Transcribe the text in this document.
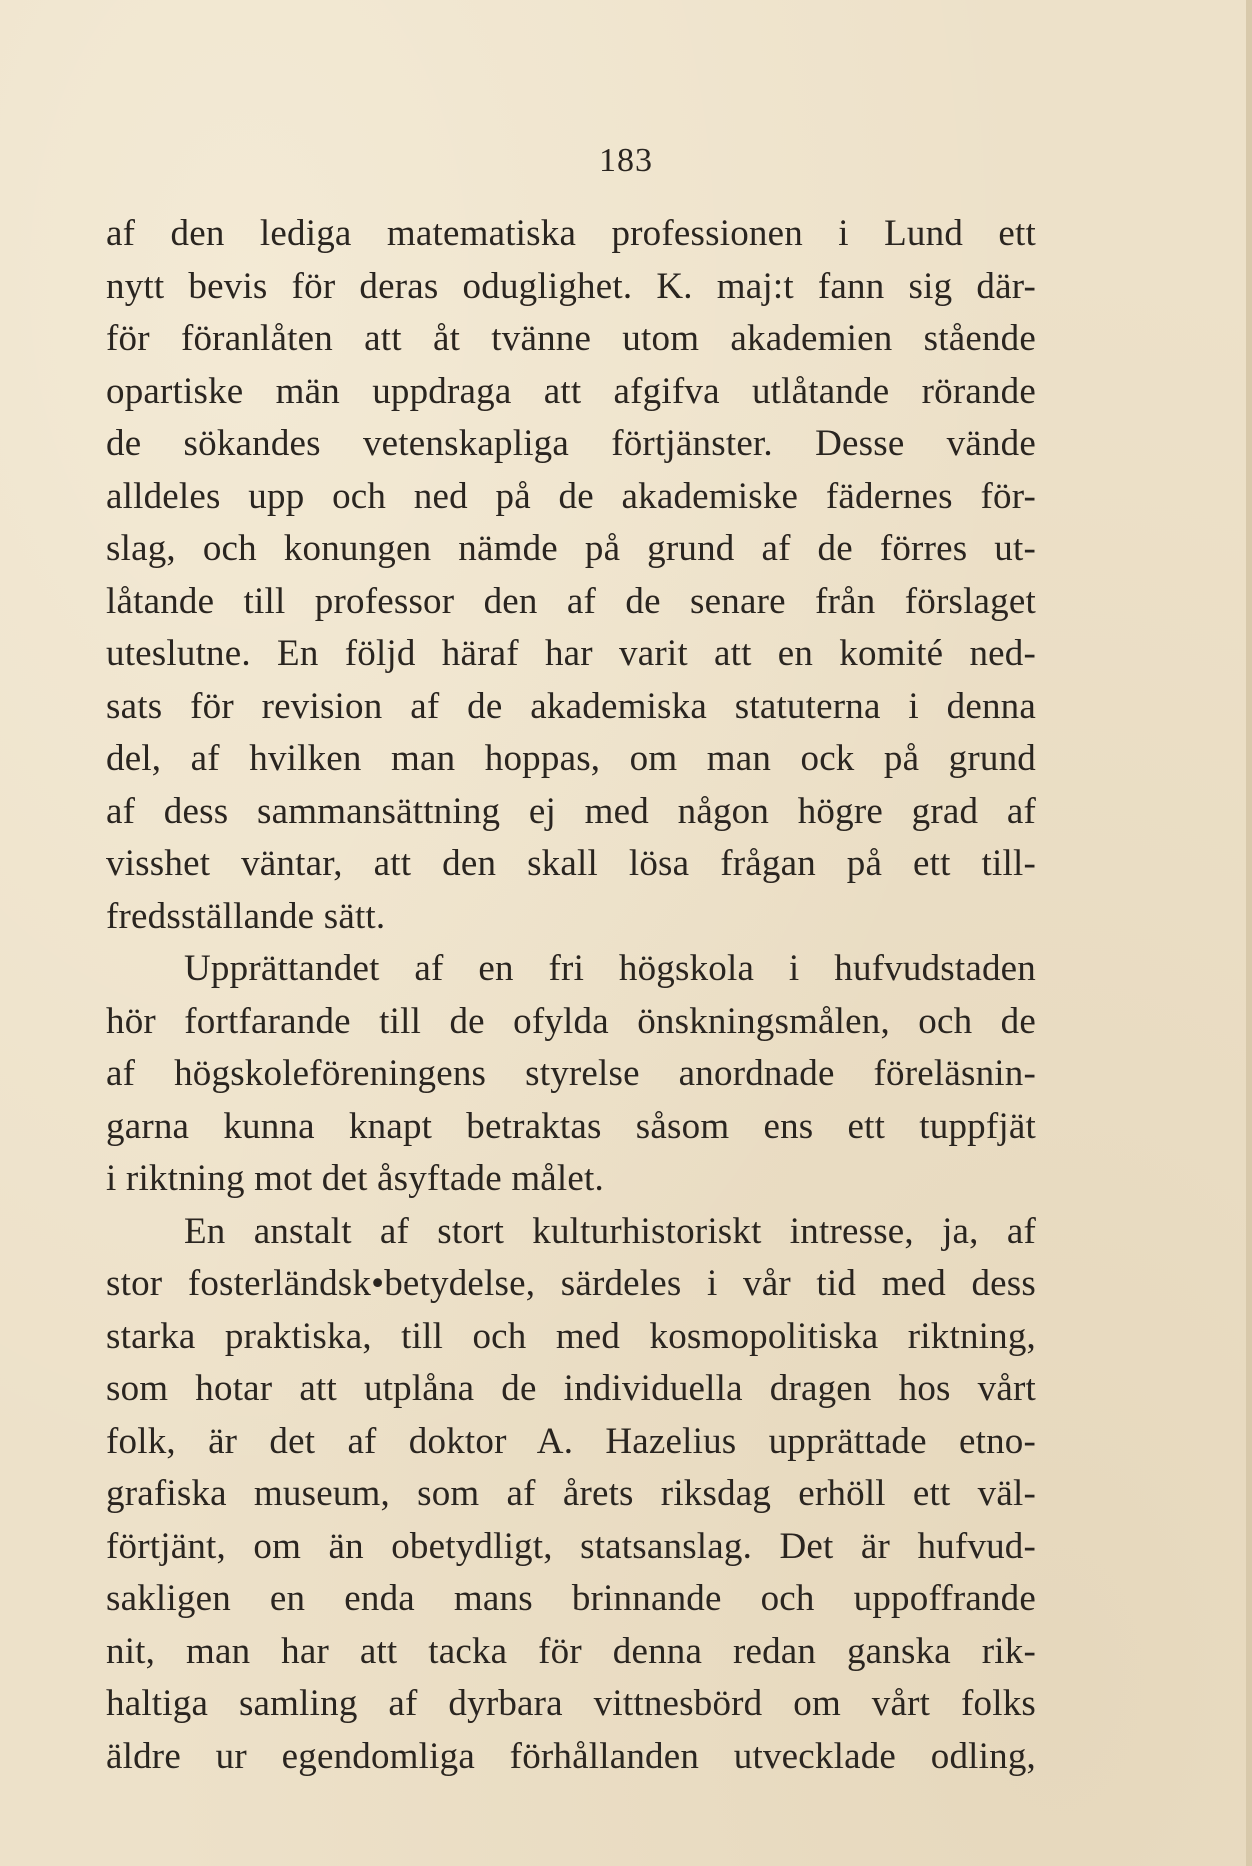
183
af den lediga matematiska professionen i Lund ett
nytt bevis för deras oduglighet. K. maj:t fann sig där-
för föranlåten att åt tvänne utom akademien stående
opartiske män uppdraga att afgifva utlåtande rörande
de sökandes vetenskapliga förtjänster. Desse vände
alldeles upp och ned på de akademiske fädernes för-
slag, och konungen nämde på grund af de förres ut-
låtande till professor den af de senare från förslaget
uteslutne. En följd häraf har varit att en komité ned-
sats för revision af de akademiska statuterna i denna
del, af hvilken man hoppas, om man ock på grund
af dess sammansättning ej med någon högre grad af
visshet väntar, att den skall lösa frågan på ett till-
fredsställande sätt.
Upprättandet af en fri högskola i hufvudstaden
hör fortfarande till de ofylda önskningsmålen, och de
af högskoleföreningens styrelse anordnade föreläsnin-
garna kunna knapt betraktas såsom ens ett tuppfjät
i riktning mot det åsyftade målet.
En anstalt af stort kulturhistoriskt intresse, ja, af
stor fosterländsk•betydelse, särdeles i vår tid med dess
starka praktiska, till och med kosmopolitiska riktning,
som hotar att utplåna de individuella dragen hos vårt
folk, är det af doktor A. Hazelius upprättade etno-
grafiska museum, som af årets riksdag erhöll ett väl-
förtjänt, om än obetydligt, statsanslag. Det är hufvud-
sakligen en enda mans brinnande och uppoffrande
nit, man har att tacka för denna redan ganska rik-
haltiga samling af dyrbara vittnesbörd om vårt folks
äldre ur egendomliga förhållanden utvecklade odling,
